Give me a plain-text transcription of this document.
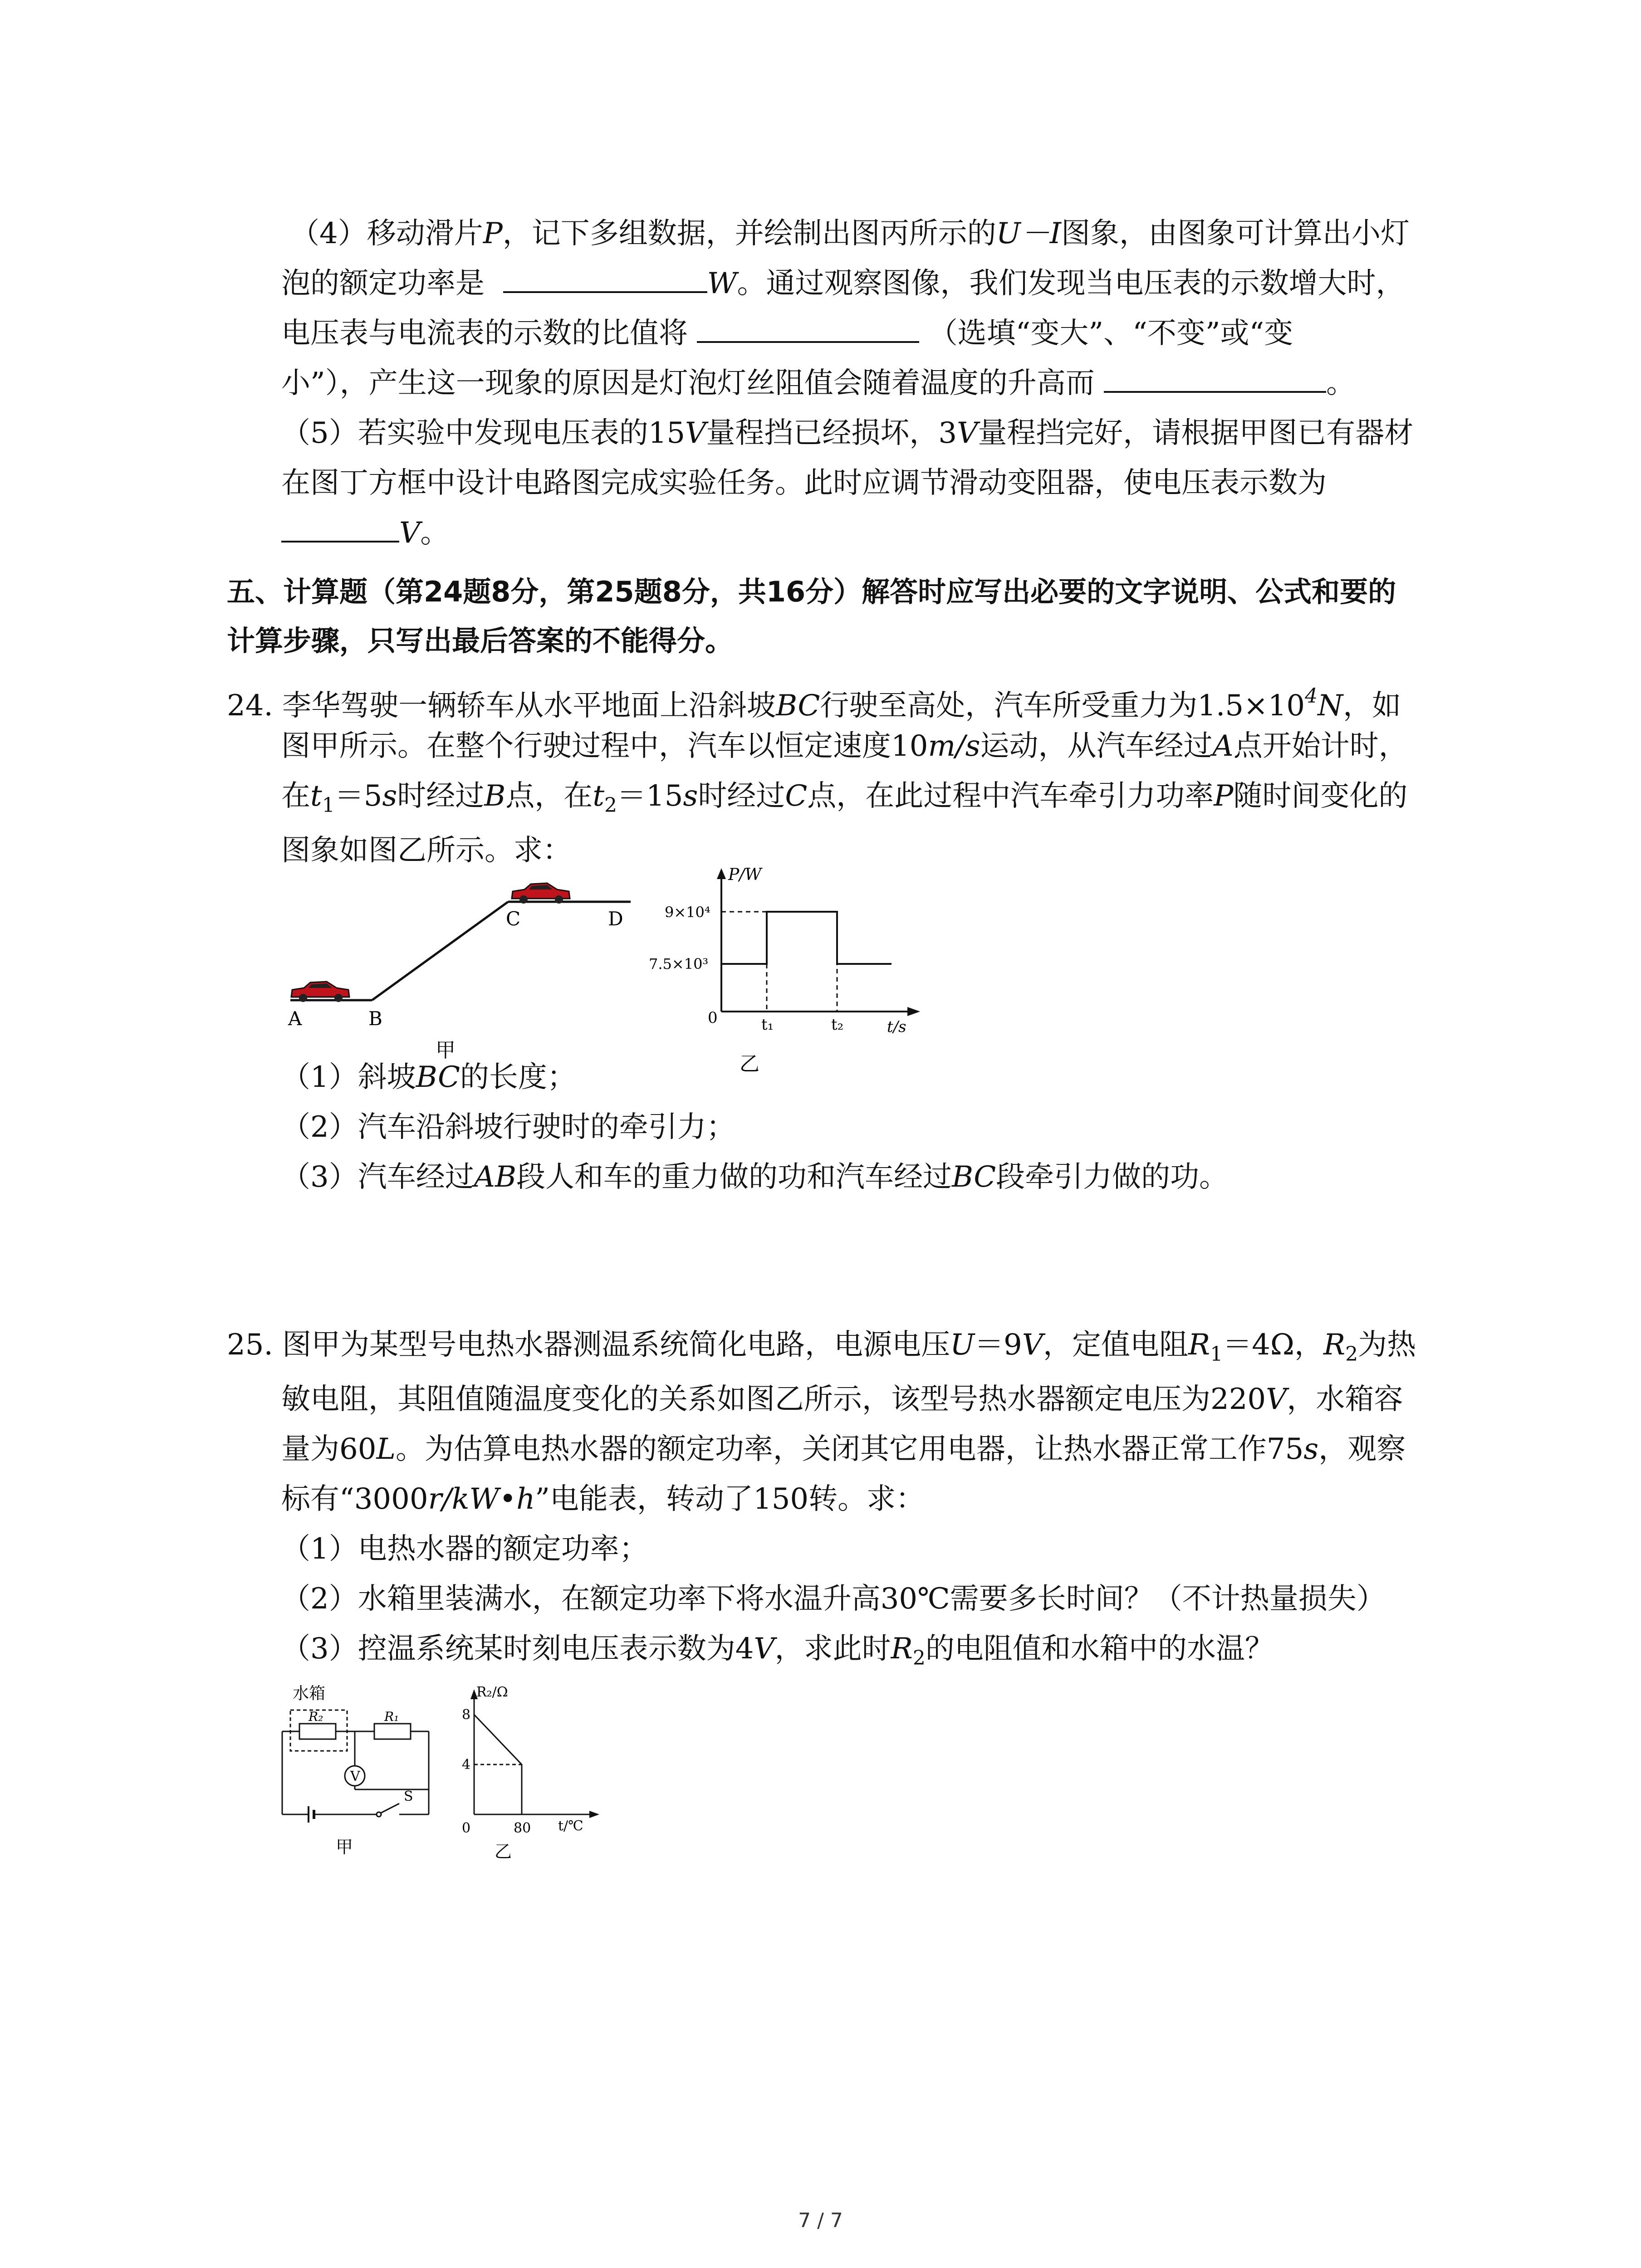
（4）移动滑片P，记下多组数据，并绘制出图丙所示的U－I图象，由图象可计算出小灯
泡的额定功率是	W。通过观察图像，我们发现当电压表的示数增大时，
电压表与电流表的示数的比值将	（选填“变大”、“不变”或“变
小”），产生这一现象的原因是灯泡灯丝阻值会随着温度的升高而	。
（5）若实验中发现电压表的15V量程挡已经损坏，3V量程挡完好，请根据甲图已有器材
在图丁方框中设计电路图完成实验任务。此时应调节滑动变阻器，使电压表示数为
V。
五、计算题（第24题8分，第25题8分，共16分）解答时应写出必要的文字说明、公式和要的
计算步骤，只写出最后答案的不能得分。
24. 李华驾驶一辆轿车从水平地面上沿斜坡BC行驶至高处，汽车所受重力为$1.5\times 10^4N$，如
图甲所示。在整个行驶过程中，汽车以恒定速度10m/s运动，从汽车经过A点开始计时，
在$t_1=5s$时经过B点，在$t_2=15s$时经过C点，在此过程中汽车牵引力功率P随时间变化的
图象如图乙所示。求：
A	B
C	D
甲
P/W
9×10⁴
7.5×10³
0	t₁	t₂	t/s
乙
（1）斜坡BC的长度；
（2）汽车沿斜坡行驶时的牵引力；
（3）汽车经过AB段人和车的重力做的功和汽车经过BC段牵引力做的功。
25. 图甲为某型号电热水器测温系统简化电路，电源电压U＝9V，定值电阻$R_1=4\Omega$，$R_2$为热
敏电阻，其阻值随温度变化的关系如图乙所示，该型号热水器额定电压为220V，水箱容
量为60L。为估算电热水器的额定功率，关闭其它用电器，让热水器正常工作75s，观察
标有“3000r/kW•h”电能表，转动了150转。求：
（1）电热水器的额定功率；
（2）水箱里装满水，在额定功率下将水温升高30℃需要多长时间？（不计热量损失）
（3）控温系统某时刻电压表示数为4V，求此时$R_2$的电阻值和水箱中的水温？
水箱
R₂	R₁
V
S
甲
R₂/Ω
8
4
0	80 t/℃
乙
7 / 7
